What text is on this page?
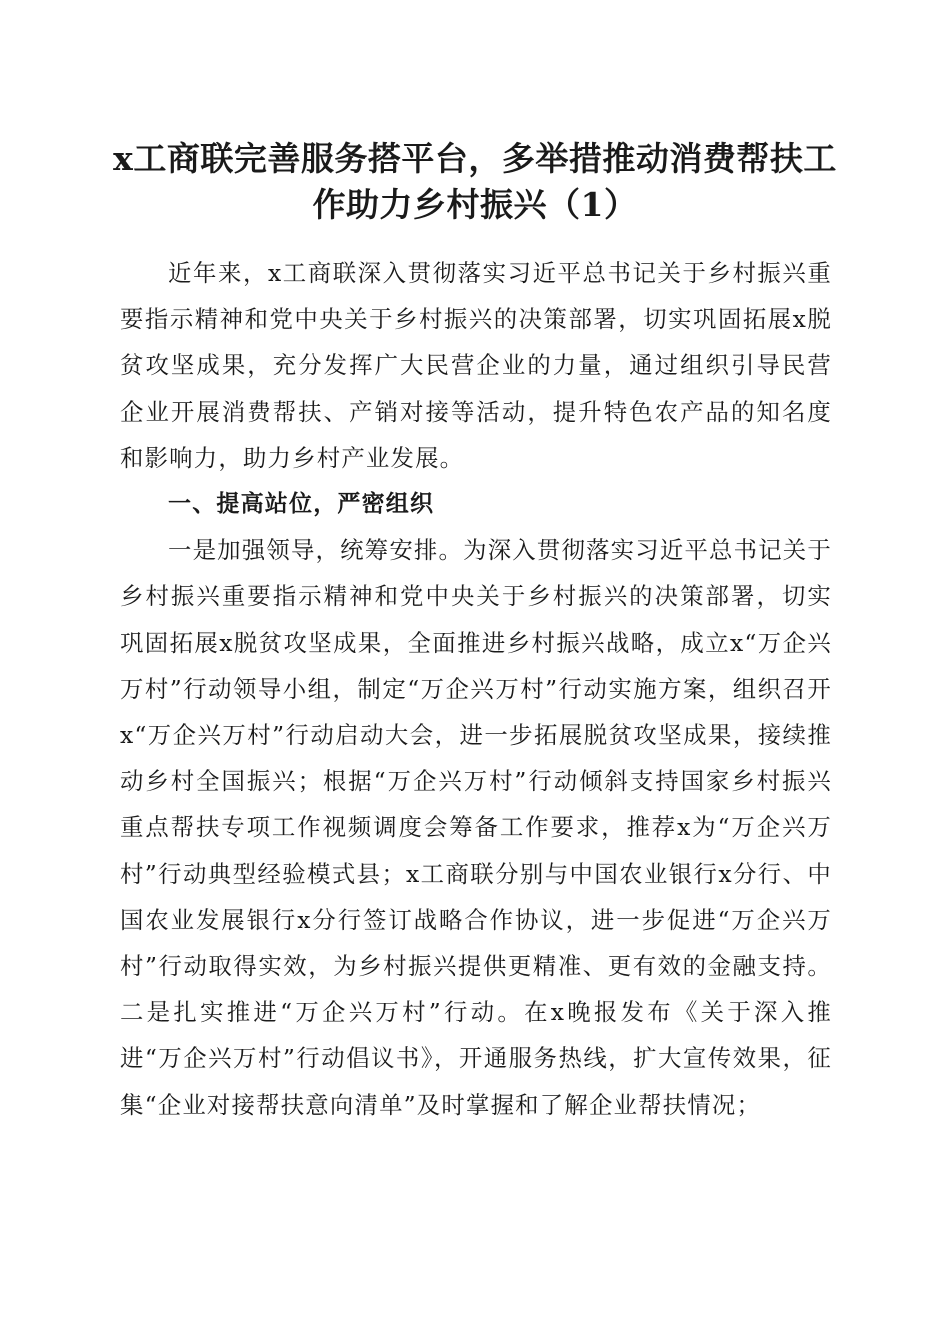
x工商联完善服务搭平台，多举措推动消费帮扶工作助力乡村振兴（1）

近年来，x工商联深入贯彻落实习近平总书记关于乡村振兴重要指示精神和党中央关于乡村振兴的决策部署，切实巩固拓展x脱贫攻坚成果，充分发挥广大民营企业的力量，通过组织引导民营企业开展消费帮扶、产销对接等活动，提升特色农产品的知名度和影响力，助力乡村产业发展。

一、提高站位，严密组织

一是加强领导，统筹安排。为深入贯彻落实习近平总书记关于乡村振兴重要指示精神和党中央关于乡村振兴的决策部署，切实巩固拓展x脱贫攻坚成果，全面推进乡村振兴战略，成立x“万企兴万村”行动领导小组，制定“万企兴万村”行动实施方案，组织召开x“万企兴万村”行动启动大会，进一步拓展脱贫攻坚成果，接续推动乡村全国振兴；根据“万企兴万村”行动倾斜支持国家乡村振兴重点帮扶专项工作视频调度会筹备工作要求，推荐x为“万企兴万村”行动典型经验模式县；x工商联分别与中国农业银行x分行、中国农业发展银行x分行签订战略合作协议，进一步促进“万企兴万村”行动取得实效，为乡村振兴提供更精准、更有效的金融支持。二是扎实推进“万企兴万村”行动。在x晚报发布《关于深入推进“万企兴万村”行动倡议书》，开通服务热线，扩大宣传效果，征集“企业对接帮扶意向清单”及时掌握和了解企业帮扶情况；
